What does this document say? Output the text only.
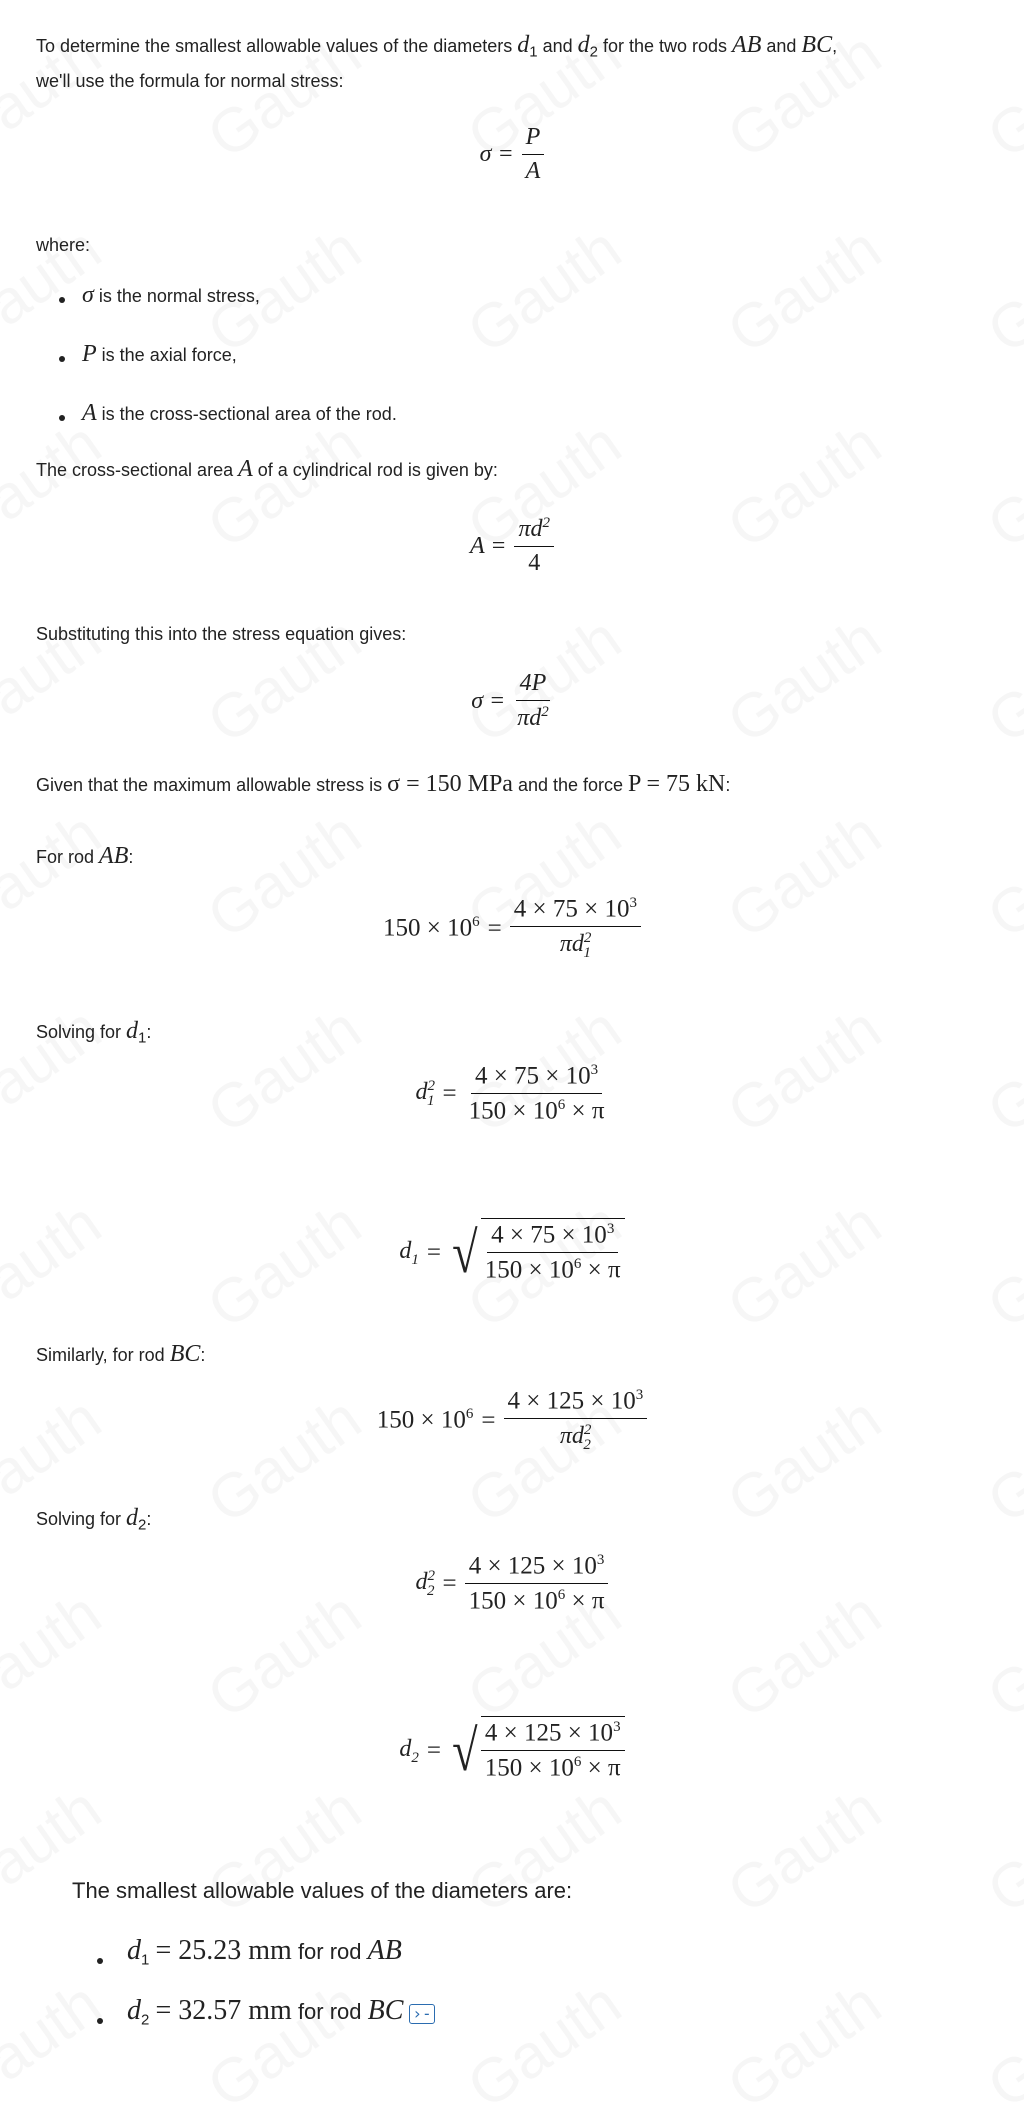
To determine the smallest allowable values of the diameters $d_1$ and $d_2$ for the two rods AB and BC,
we'll use the formula for normal stress:
$\sigma = \frac{P}{A}$
where:
σ is the normal stress,
P is the axial force,
A is the cross-sectional area of the rod.
The cross-sectional area A of a cylindrical rod is given by:
$A = \frac{\pi d^2}{4}$
Substituting this into the stress equation gives:
$\sigma = \frac{4P}{\pi d^2}$
Given that the maximum allowable stress is σ = 150 MPa and the force P = 75 kN:
For rod AB:
$150 \times 10^6 = \frac{4 \times 75 \times 10^3}{\pi d^2_1}$
Solving for $d_1$:
$d^2_1 = \frac{4 \times 75 \times 10^3}{150 \times 10^6 \times \pi}$
$d_1$ = √ $\frac{4 \times 75 \times 10^3}{150 \times 10^6 \times \pi}$
Similarly, for rod BC:
$150 \times 10^6 = \frac{4 \times 125 \times 10^3}{\pi d^2_2}$
Solving for $d_2$:
$d^2_2 = \frac{4 \times 125 \times 10^3}{150 \times 10^6 \times \pi}$
$d_2$ = √ $\frac{4 \times 125 \times 10^3}{150 \times 10^6 \times \pi}$
The smallest allowable values of the diameters are:
$d_1 = 25.23$ mm for rod AB
$d_2 = 32.57$ mm for rod BC ›-
